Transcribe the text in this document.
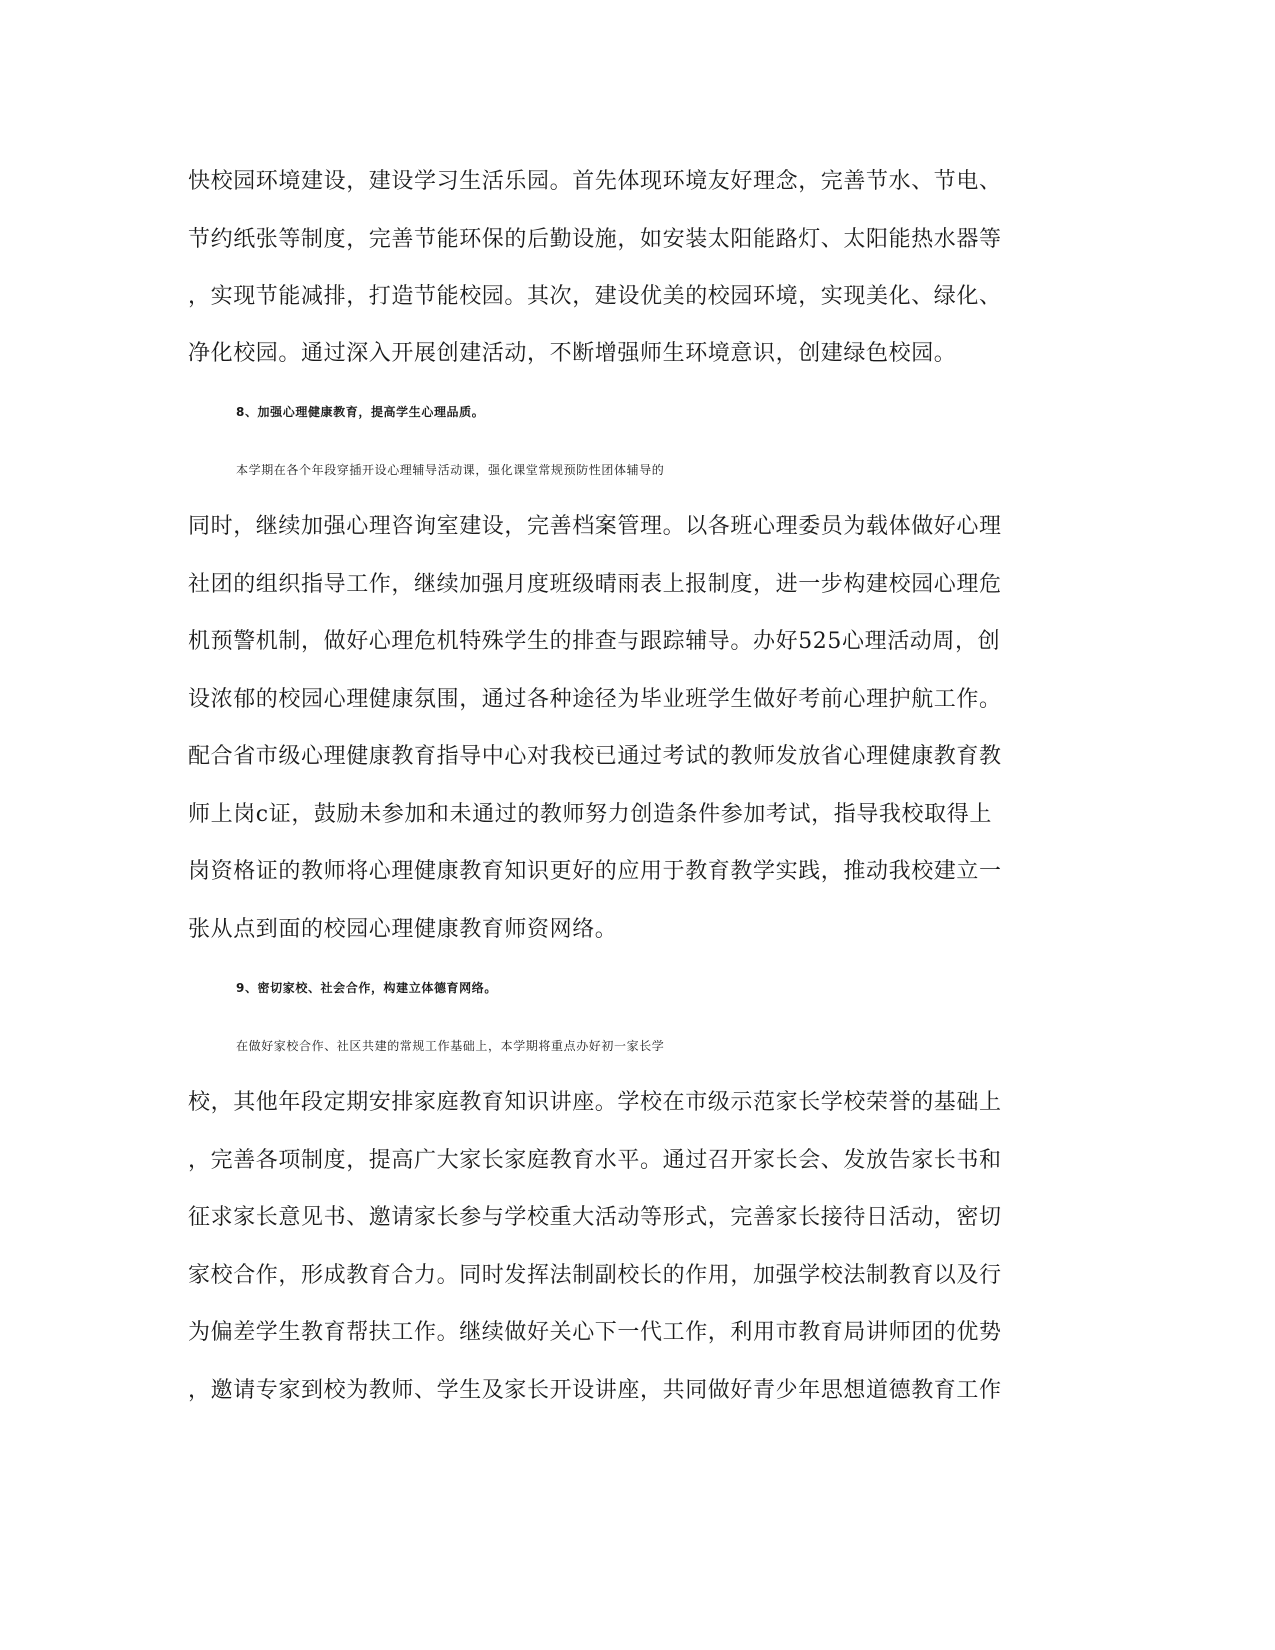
快校园环境建设，建设学习生活乐园。首先体现环境友好理念，完善节水、节电、
节约纸张等制度，完善节能环保的后勤设施，如安装太阳能路灯、太阳能热水器等
，实现节能减排，打造节能校园。其次，建设优美的校园环境，实现美化、绿化、
净化校园。通过深入开展创建活动，不断增强师生环境意识，创建绿色校园。
8、加强心理健康教育，提高学生心理品质。
本学期在各个年段穿插开设心理辅导活动课，强化课堂常规预防性团体辅导的
同时，继续加强心理咨询室建设，完善档案管理。以各班心理委员为载体做好心理
社团的组织指导工作，继续加强月度班级晴雨表上报制度，进一步构建校园心理危
机预警机制，做好心理危机特殊学生的排查与跟踪辅导。办好525心理活动周，创
设浓郁的校园心理健康氛围，通过各种途径为毕业班学生做好考前心理护航工作。
配合省市级心理健康教育指导中心对我校已通过考试的教师发放省心理健康教育教
师上岗c证，鼓励未参加和未通过的教师努力创造条件参加考试，指导我校取得上
岗资格证的教师将心理健康教育知识更好的应用于教育教学实践，推动我校建立一
张从点到面的校园心理健康教育师资网络。
9、密切家校、社会合作，构建立体德育网络。
在做好家校合作、社区共建的常规工作基础上，本学期将重点办好初一家长学
校，其他年段定期安排家庭教育知识讲座。学校在市级示范家长学校荣誉的基础上
，完善各项制度，提高广大家长家庭教育水平。通过召开家长会、发放告家长书和
征求家长意见书、邀请家长参与学校重大活动等形式，完善家长接待日活动，密切
家校合作，形成教育合力。同时发挥法制副校长的作用，加强学校法制教育以及行
为偏差学生教育帮扶工作。继续做好关心下一代工作，利用市教育局讲师团的优势
，邀请专家到校为教师、学生及家长开设讲座，共同做好青少年思想道德教育工作
